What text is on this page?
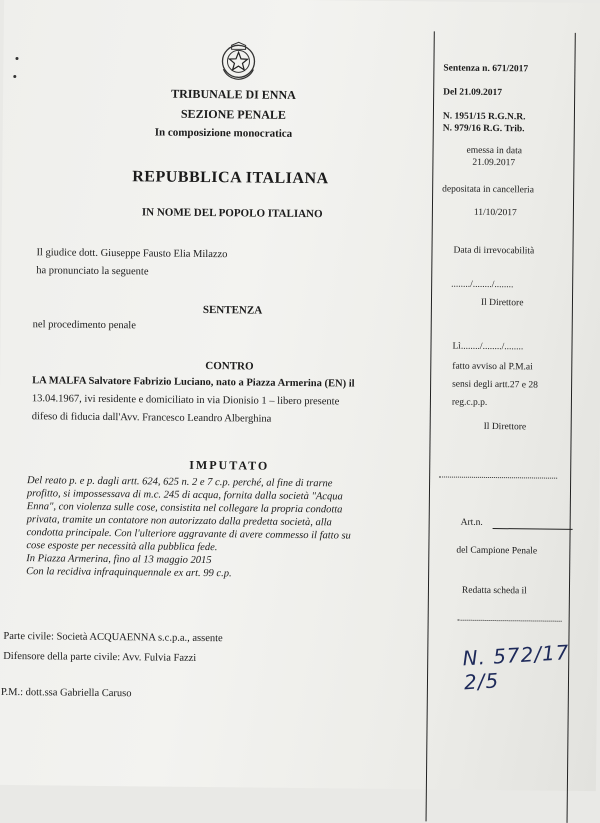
TRIBUNALE DI ENNA
SEZIONE PENALE
In composizione monocratica
REPUBBLICA ITALIANA
IN NOME DEL POPOLO ITALIANO
Il giudice dott. Giuseppe Fausto Elia Milazzo
ha pronunciato la seguente
SENTENZA
nel procedimento penale
CONTRO
LA MALFA Salvatore Fabrizio Luciano, nato a Piazza Armerina (EN) il
13.04.1967, ivi residente e domiciliato in via Dionisio 1 – libero presente
difeso di fiducia dall'Avv. Francesco Leandro Alberghina
IMPUTATO
Del reato p. e p. dagli artt. 624, 625 n. 2 e 7 c.p. perché, al fine di trarne
profitto, si impossessava di m.c. 245 di acqua, fornita dalla società "Acqua
Enna", con violenza sulle cose, consistita nel collegare la propria condotta
privata, tramite un contatore non autorizzato dalla predetta società, alla
condotta principale. Con l'ulteriore aggravante di avere commesso il fatto su
cose esposte per necessità alla pubblica fede.
In Piazza Armerina, fino al 13 maggio 2015
Con la recidiva infraquinquennale ex art. 99 c.p.
Parte civile: Società ACQUAENNA s.c.p.a., assente
Difensore della parte civile: Avv. Fulvia Fazzi
P.M.: dott.ssa Gabriella Caruso
Sentenza n. 671/2017
Del 21.09.2017
N. 1951/15 R.G.N.R.
N. 979/16 R.G. Trib.
emessa in data
21.09.2017
depositata in cancelleria
11/10/2017
Data di irrevocabilità
......../......../........
Il Direttore
Lì......../......../........
fatto avviso al P.M.ai
sensi degli artt.27 e 28
reg.c.p.p.
Il Direttore
Art.n.
del Campione Penale
Redatta scheda il
N. 572/17 2/5
